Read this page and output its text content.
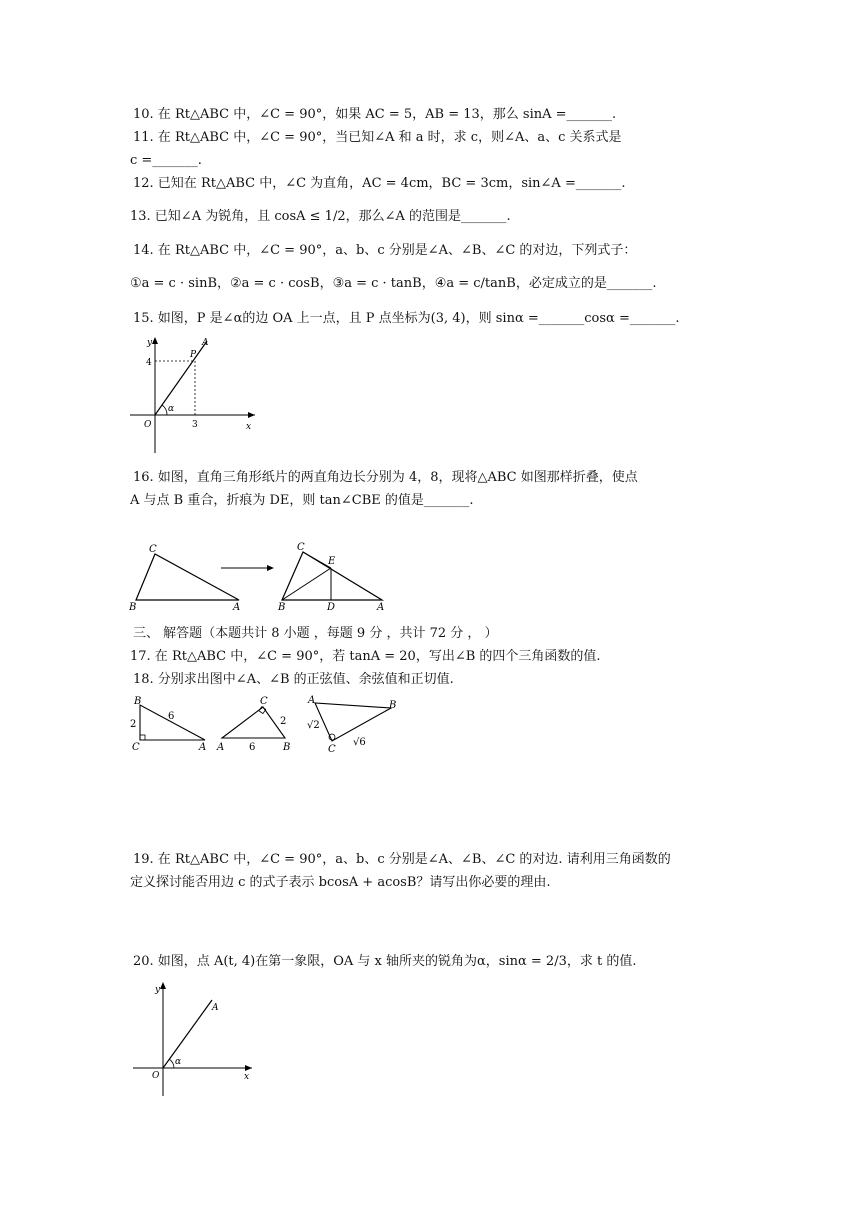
10. 在 Rt△ABC 中，∠C = 90°，如果 AC = 5，AB = 13，那么 sinA =_______.
11. 在 Rt△ABC 中，∠C = 90°，当已知∠A 和 a 时，求 c，则∠A、a、c 关系式是
c =_______.
12. 已知在 Rt△ABC 中，∠C 为直角，AC = 4cm，BC = 3cm，sin∠A =_______.
13. 已知∠A 为锐角，且 cosA ≤ 1/2，那么∠A 的范围是_______.
14. 在 Rt△ABC 中，∠C = 90°，a、b、c 分别是∠A、∠B、∠C 的对边，下列式子：
①a = c · sinB，②a = c · cosB，③a = c · tanB，④a = c/tanB，必定成立的是_______.
15. 如图，P 是∠α的边 OA 上一点，且 P 点坐标为(3, 4)，则 sinα =_______cosα =_______.
y
x
O
A
P
α
4
3
16. 如图，直角三角形纸片的两直角边长分别为 4，8，现将△ABC 如图那样折叠，使点
A 与点 B 重合，折痕为 DE，则 tan∠CBE 的值是_______.
C
B	A
C
E
B	D	A
三、 解答题（本题共计 8 小题 ，每题 9 分 ，共计 72 分 ， ）
17. 在 Rt△ABC 中，∠C = 90°，若 tanA = 20，写出∠B 的四个三角函数的值.
18. 分别求出图中∠A、∠B 的正弦值、余弦值和正切值.
B
C	A
2
6
C
A	B
2
6
A	B
C
√2
√6
19. 在 Rt△ABC 中，∠C = 90°，a、b、c 分别是∠A、∠B、∠C 的对边. 请利用三角函数的
定义探讨能否用边 c 的式子表示 bcosA + acosB？请写出你必要的理由.
20. 如图，点 A(t, 4)在第一象限，OA 与 x 轴所夹的锐角为α，sinα = 2/3，求 t 的值.
y
x
O
A
α
